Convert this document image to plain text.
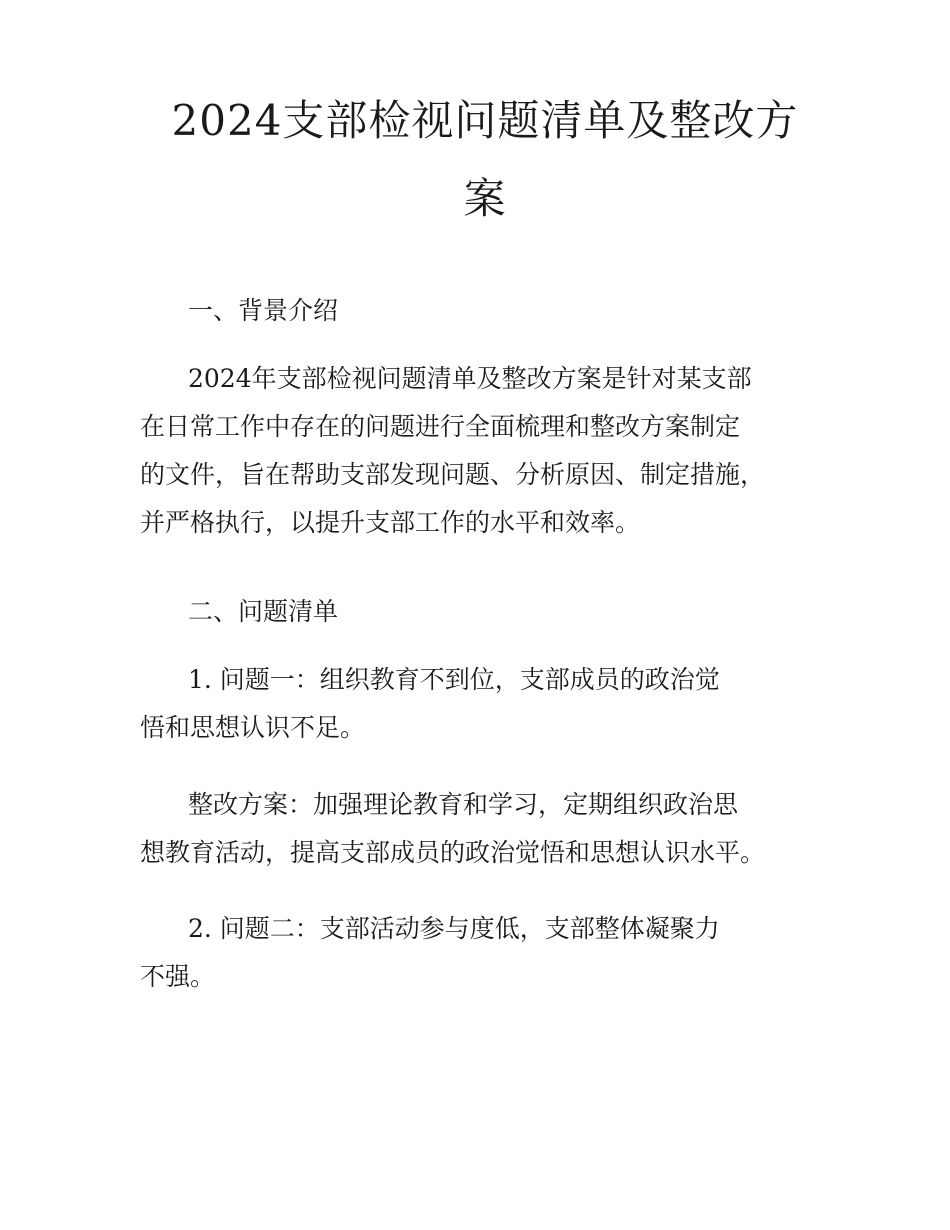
2024支部检视问题清单及整改方
案

一、背景介绍

2024年支部检视问题清单及整改方案是针对某支部
在日常工作中存在的问题进行全面梳理和整改方案制定
的文件，旨在帮助支部发现问题、分析原因、制定措施，
并严格执行，以提升支部工作的水平和效率。

二、问题清单

1. 问题一：组织教育不到位，支部成员的政治觉
悟和思想认识不足。

整改方案：加强理论教育和学习，定期组织政治思
想教育活动，提高支部成员的政治觉悟和思想认识水平。

2. 问题二：支部活动参与度低，支部整体凝聚力
不强。
